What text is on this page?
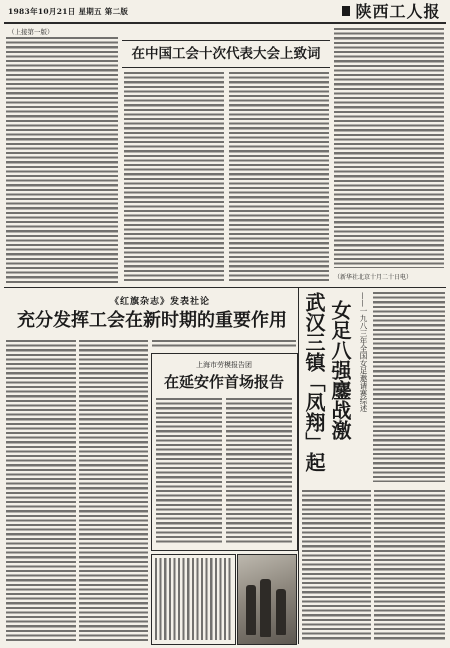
1983年10月21日 星期五 第二版	陕西工人报
（上接第一版）
在中国工会十次代表大会上致词
（新华社北京十月二十日电）
《红旗杂志》发表社论
充分发挥工会在新时期的重要作用
上海市劳模报告团
在延安作首场报告 武汉三镇「凤翔」起 女足八强鏖战激 ——一九八三年全国女足邀请赛综述
